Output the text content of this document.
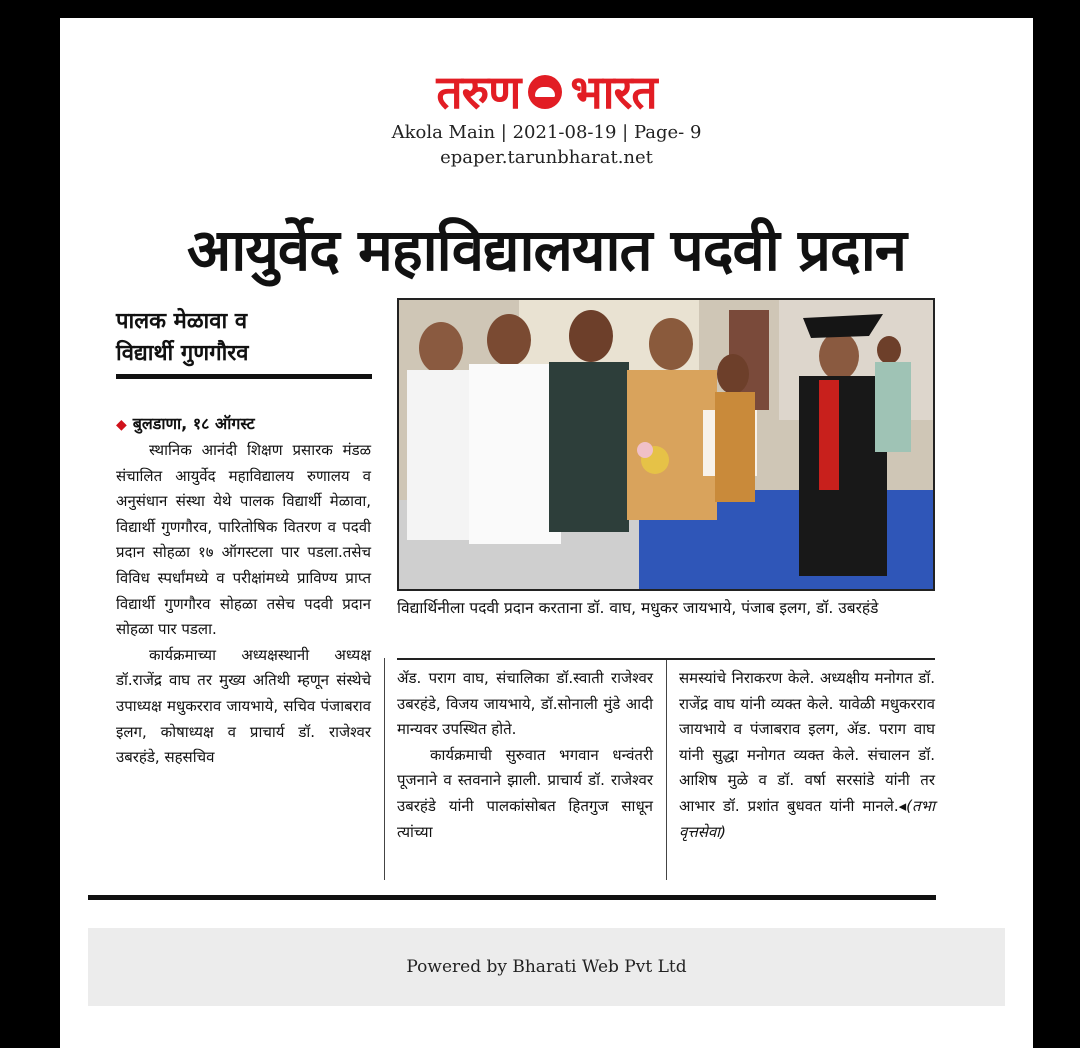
तरुण भारत
Akola Main | 2021-08-19 | Page- 9
epaper.tarunbharat.net
आयुर्वेद महाविद्यालयात पदवी प्रदान
पालक मेळावा व
विद्यार्थी गुणगौरव
◆ बुलडाणा, १८ ऑगस्ट

स्थानिक आनंदी शिक्षण प्रसारक मंडळ संचालित आयुर्वेद महाविद्यालय रुणालय व अनुसंधान संस्था येथे पालक विद्यार्थी मेळावा, विद्यार्थी गुणगौरव, पारितोषिक वितरण व पदवी प्रदान सोहळा १७ ऑगस्टला पार पडला.तसेच विविध स्पर्धांमध्ये व परीक्षांमध्ये प्राविण्य प्राप्त विद्यार्थी गुणगौरव सोहळा तसेच पदवी प्रदान सोहळा पार पडला.

कार्यक्रमाच्या अध्यक्षस्थानी अध्यक्ष डॉ.राजेंद्र वाघ तर मुख्य अतिथी म्हणून संस्थेचे उपाध्यक्ष मधुकरराव जायभाये, सचिव पंजाबराव इलग, कोषाध्यक्ष व प्राचार्य डॉ. राजेश्वर उबरहंडे, सहसचिव

विद्यार्थिनीला पदवी प्रदान करताना डॉ. वाघ, मधुकर जायभाये, पंजाब इलग, डॉ. उबरहंडे

ॲड. पराग वाघ, संचालिका डॉ.स्वाती राजेश्वर उबरहंडे, विजय जायभाये, डॉ.सोनाली मुंडे आदी मान्यवर उपस्थित होते.

कार्यक्रमाची सुरुवात भगवान धन्वंतरी पूजनाने व स्तवनाने झाली. प्राचार्य डॉ. राजेश्वर उबरहंडे यांनी पालकांसोबत हितगुज साधून त्यांच्या

समस्यांचे निराकरण केले. अध्यक्षीय मनोगत डॉ. राजेंद्र वाघ यांनी व्यक्त केले. यावेळी मधुकरराव जायभाये व पंजाबराव इलग, ॲड. पराग वाघ यांनी सुद्धा मनोगत व्यक्त केले. संचालन डॉ. आशिष मुळे व डॉ. वर्षा सरसांडे यांनी तर आभार डॉ. प्रशांत बुधवत यांनी मानले.◂(तभा वृत्तसेवा)

Powered by Bharati Web Pvt Ltd
